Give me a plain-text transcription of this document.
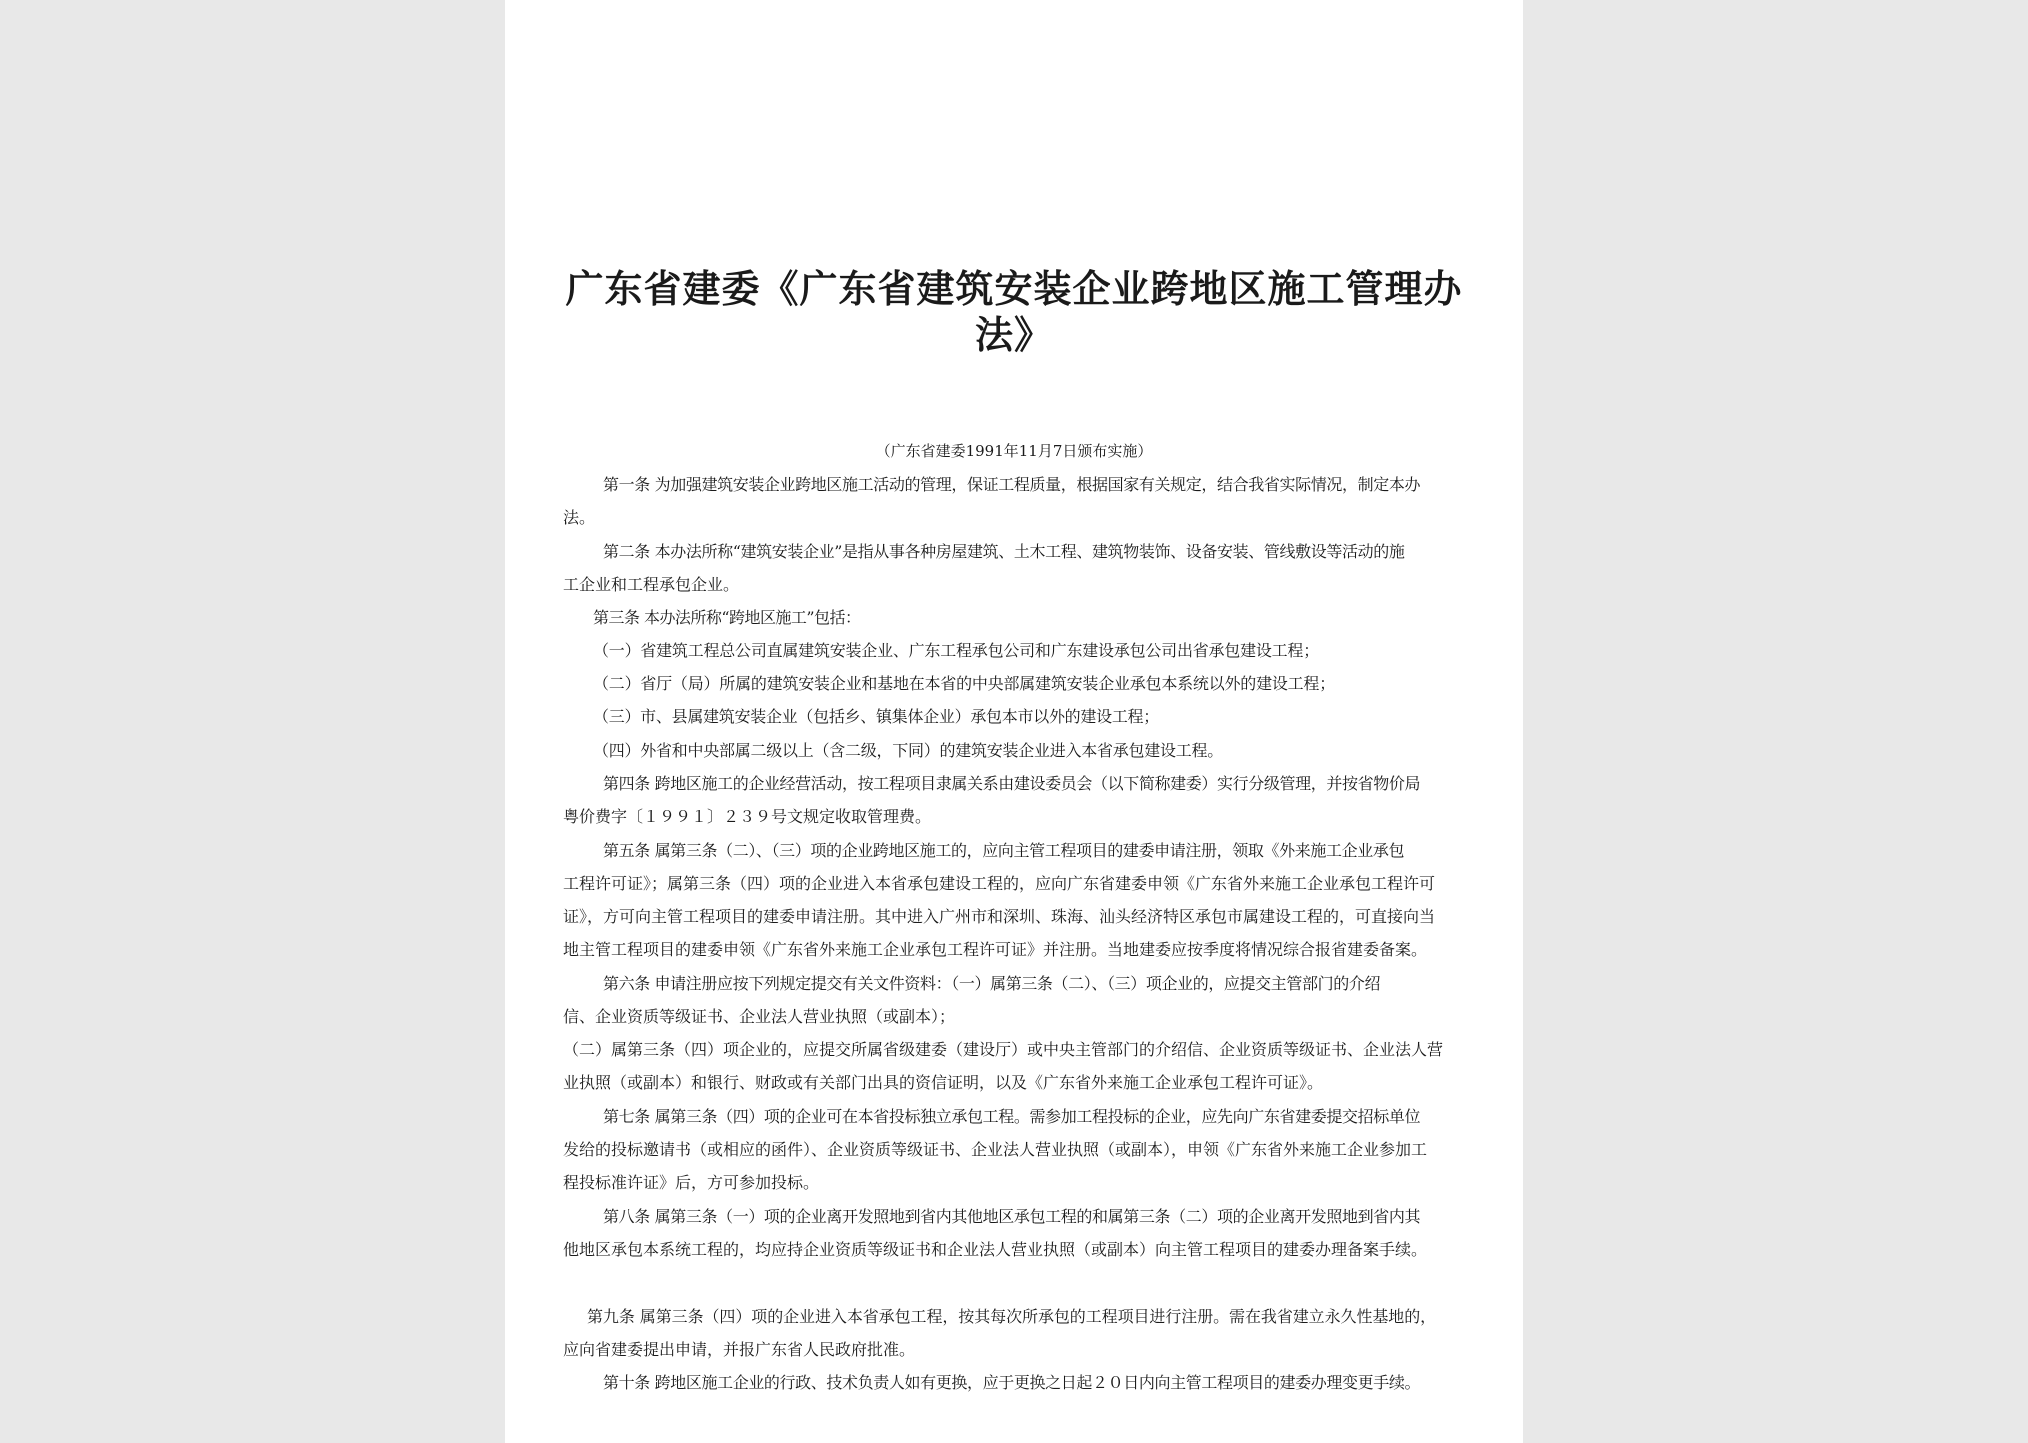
广东省建委《广东省建筑安装企业跨地区施工管理办
法》
（广东省建委1991年11月7日颁布实施）

第一条 为加强建筑安装企业跨地区施工活动的管理，保证工程质量，根据国家有关规定，结合我省实际情况，制定本办

法。

第二条 本办法所称“建筑安装企业”是指从事各种房屋建筑、土木工程、建筑物装饰、设备安装、管线敷设等活动的施

工企业和工程承包企业。

第三条 本办法所称“跨地区施工”包括：

（一）省建筑工程总公司直属建筑安装企业、广东工程承包公司和广东建设承包公司出省承包建设工程；

（二）省厅（局）所属的建筑安装企业和基地在本省的中央部属建筑安装企业承包本系统以外的建设工程；

（三）市、县属建筑安装企业（包括乡、镇集体企业）承包本市以外的建设工程；

（四）外省和中央部属二级以上（含二级，下同）的建筑安装企业进入本省承包建设工程。

第四条 跨地区施工的企业经营活动，按工程项目隶属关系由建设委员会（以下简称建委）实行分级管理，并按省物价局

粤价费字〔１９９１〕２３９号文规定收取管理费。

第五条 属第三条（二）、（三）项的企业跨地区施工的，应向主管工程项目的建委申请注册，领取《外来施工企业承包

工程许可证》；属第三条（四）项的企业进入本省承包建设工程的，应向广东省建委申领《广东省外来施工企业承包工程许可

证》，方可向主管工程项目的建委申请注册。其中进入广州市和深圳、珠海、汕头经济特区承包市属建设工程的，可直接向当

地主管工程项目的建委申领《广东省外来施工企业承包工程许可证》并注册。当地建委应按季度将情况综合报省建委备案。

第六条 申请注册应按下列规定提交有关文件资料：（一）属第三条（二）、（三）项企业的，应提交主管部门的介绍

信、企业资质等级证书、企业法人营业执照（或副本）；

（二）属第三条（四）项企业的，应提交所属省级建委（建设厅）或中央主管部门的介绍信、企业资质等级证书、企业法人营

业执照（或副本）和银行、财政或有关部门出具的资信证明，以及《广东省外来施工企业承包工程许可证》。

第七条 属第三条（四）项的企业可在本省投标独立承包工程。需参加工程投标的企业，应先向广东省建委提交招标单位

发给的投标邀请书（或相应的函件）、企业资质等级证书、企业法人营业执照（或副本），申领《广东省外来施工企业参加工

程投标准许证》后，方可参加投标。

第八条 属第三条（一）项的企业离开发照地到省内其他地区承包工程的和属第三条（二）项的企业离开发照地到省内其

他地区承包本系统工程的，均应持企业资质等级证书和企业法人营业执照（或副本）向主管工程项目的建委办理备案手续。

第九条 属第三条（四）项的企业进入本省承包工程，按其每次所承包的工程项目进行注册。需在我省建立永久性基地的，

应向省建委提出申请，并报广东省人民政府批准。

第十条 跨地区施工企业的行政、技术负责人如有更换，应于更换之日起２０日内向主管工程项目的建委办理变更手续。
